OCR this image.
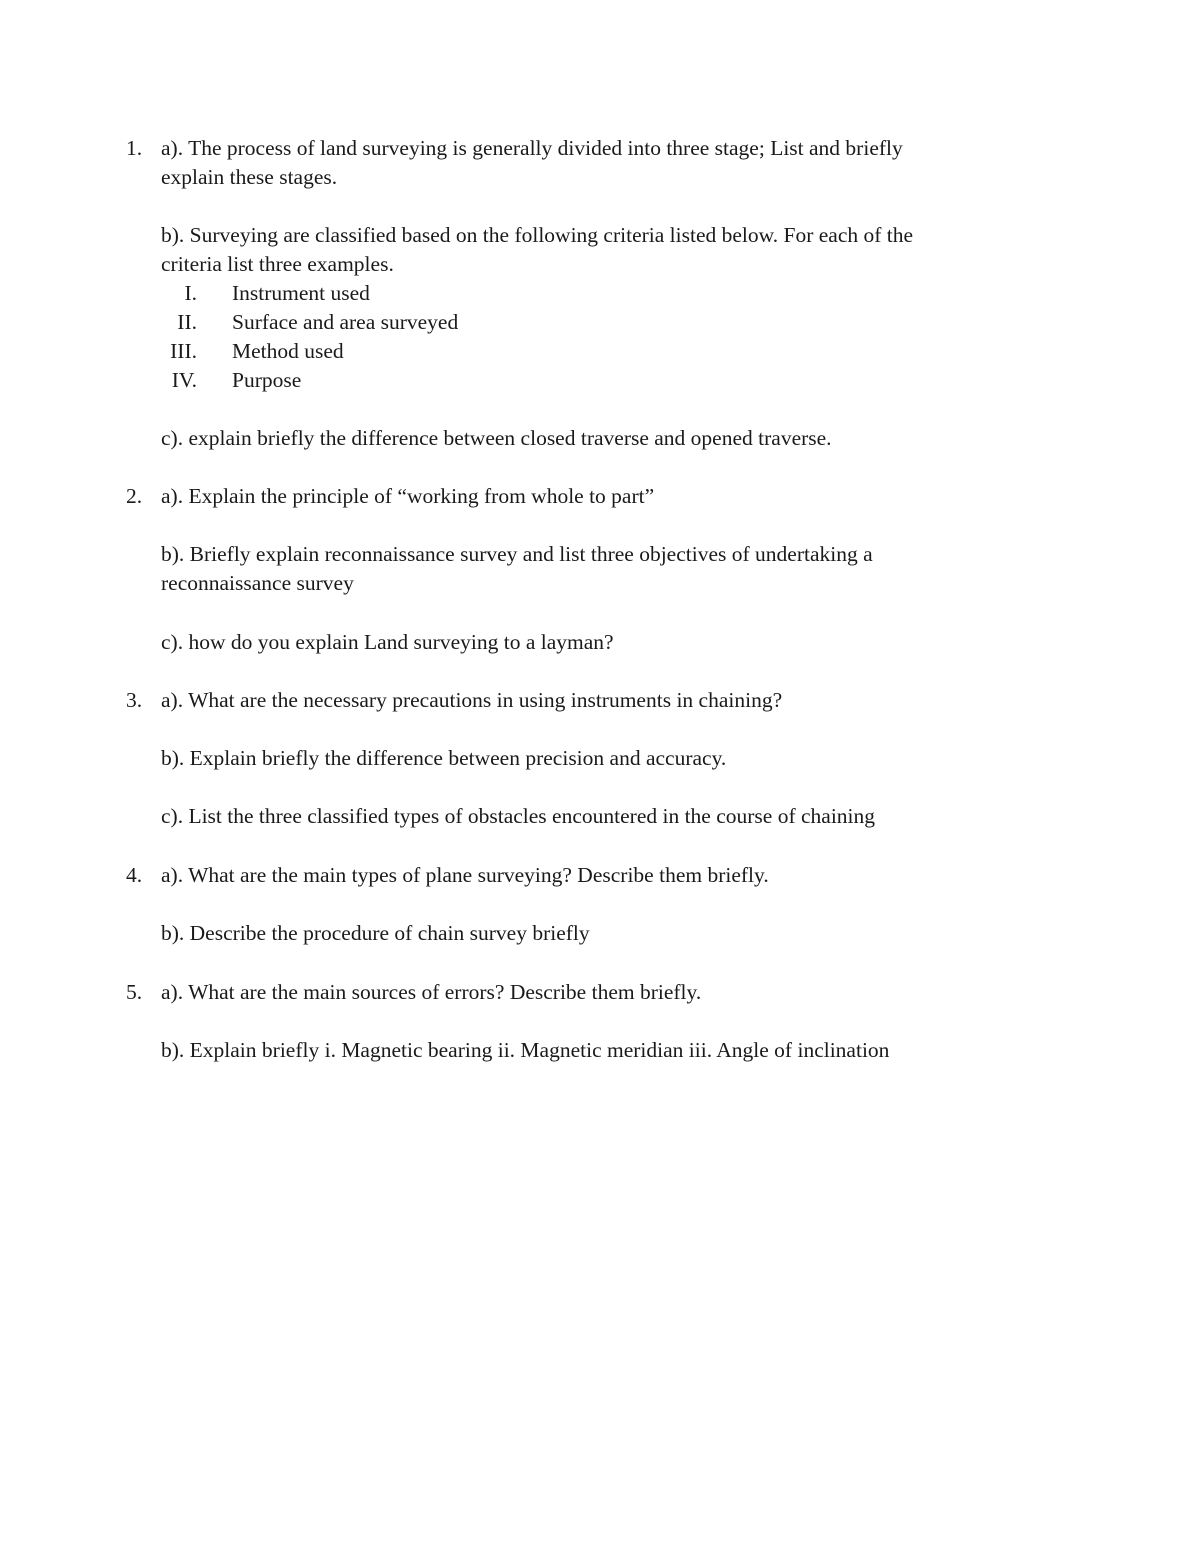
1. a). The process of land surveying is generally divided into three stage; List and briefly
explain these stages.
b). Surveying are classified based on the following criteria listed below. For each of the
criteria list three examples.
I. Instrument used
II. Surface and area surveyed
III. Method used
IV. Purpose
c). explain briefly the difference between closed traverse and opened traverse.
2. a). Explain the principle of “working from whole to part”
b). Briefly explain reconnaissance survey and list three objectives of undertaking a
reconnaissance survey
c). how do you explain Land surveying to a layman?
3. a). What are the necessary precautions in using instruments in chaining?
b). Explain briefly the difference between precision and accuracy.
c). List the three classified types of obstacles encountered in the course of chaining
4. a). What are the main types of plane surveying? Describe them briefly.
b). Describe the procedure of chain survey briefly
5. a). What are the main sources of errors? Describe them briefly.
b). Explain briefly i. Magnetic bearing ii. Magnetic meridian iii. Angle of inclination
